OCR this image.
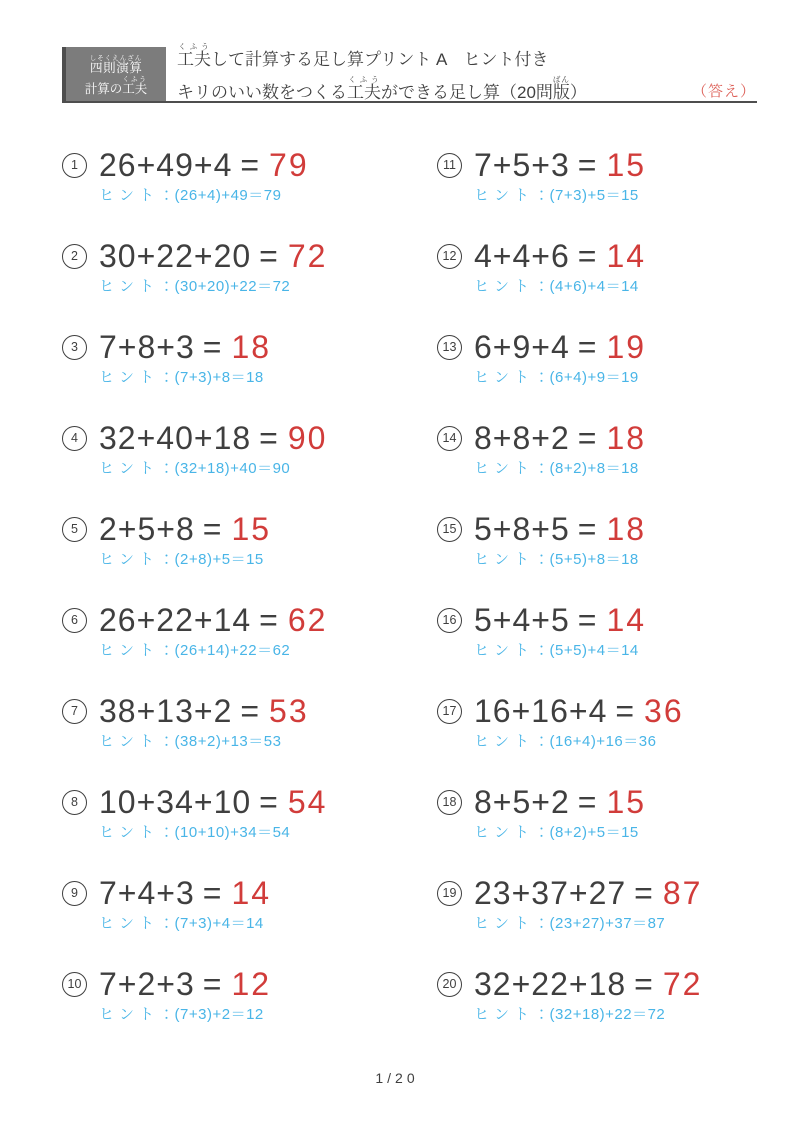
四則演算しそくえんざん
計算の工夫くふう
工夫くふうして計算する足し算プリント A　ヒント付き
キリのいい数をつくる工夫くふうができる足し算（20問版ばん）	（答え）
1 26+49+4 = 79
ヒント：(26+4)+49＝79
2 30+22+20 = 72
ヒント：(30+20)+22＝72
3 7+8+3 = 18
ヒント：(7+3)+8＝18
4 32+40+18 = 90
ヒント：(32+18)+40＝90
5 2+5+8 = 15
ヒント：(2+8)+5＝15
6 26+22+14 = 62
ヒント：(26+14)+22＝62
7 38+13+2 = 53
ヒント：(38+2)+13＝53
8 10+34+10 = 54
ヒント：(10+10)+34＝54
9 7+4+3 = 14
ヒント：(7+3)+4＝14
10 7+2+3 = 12
ヒント：(7+3)+2＝12
11 7+5+3 = 15
ヒント：(7+3)+5＝15
12 4+4+6 = 14
ヒント：(4+6)+4＝14
13 6+9+4 = 19
ヒント：(6+4)+9＝19
14 8+8+2 = 18
ヒント：(8+2)+8＝18
15 5+8+5 = 18
ヒント：(5+5)+8＝18
16 5+4+5 = 14
ヒント：(5+5)+4＝14
17 16+16+4 = 36
ヒント：(16+4)+16＝36
18 8+5+2 = 15
ヒント：(8+2)+5＝15
19 23+37+27 = 87
ヒント：(23+27)+37＝87
20 32+22+18 = 72
ヒント：(32+18)+22＝72
1/20
